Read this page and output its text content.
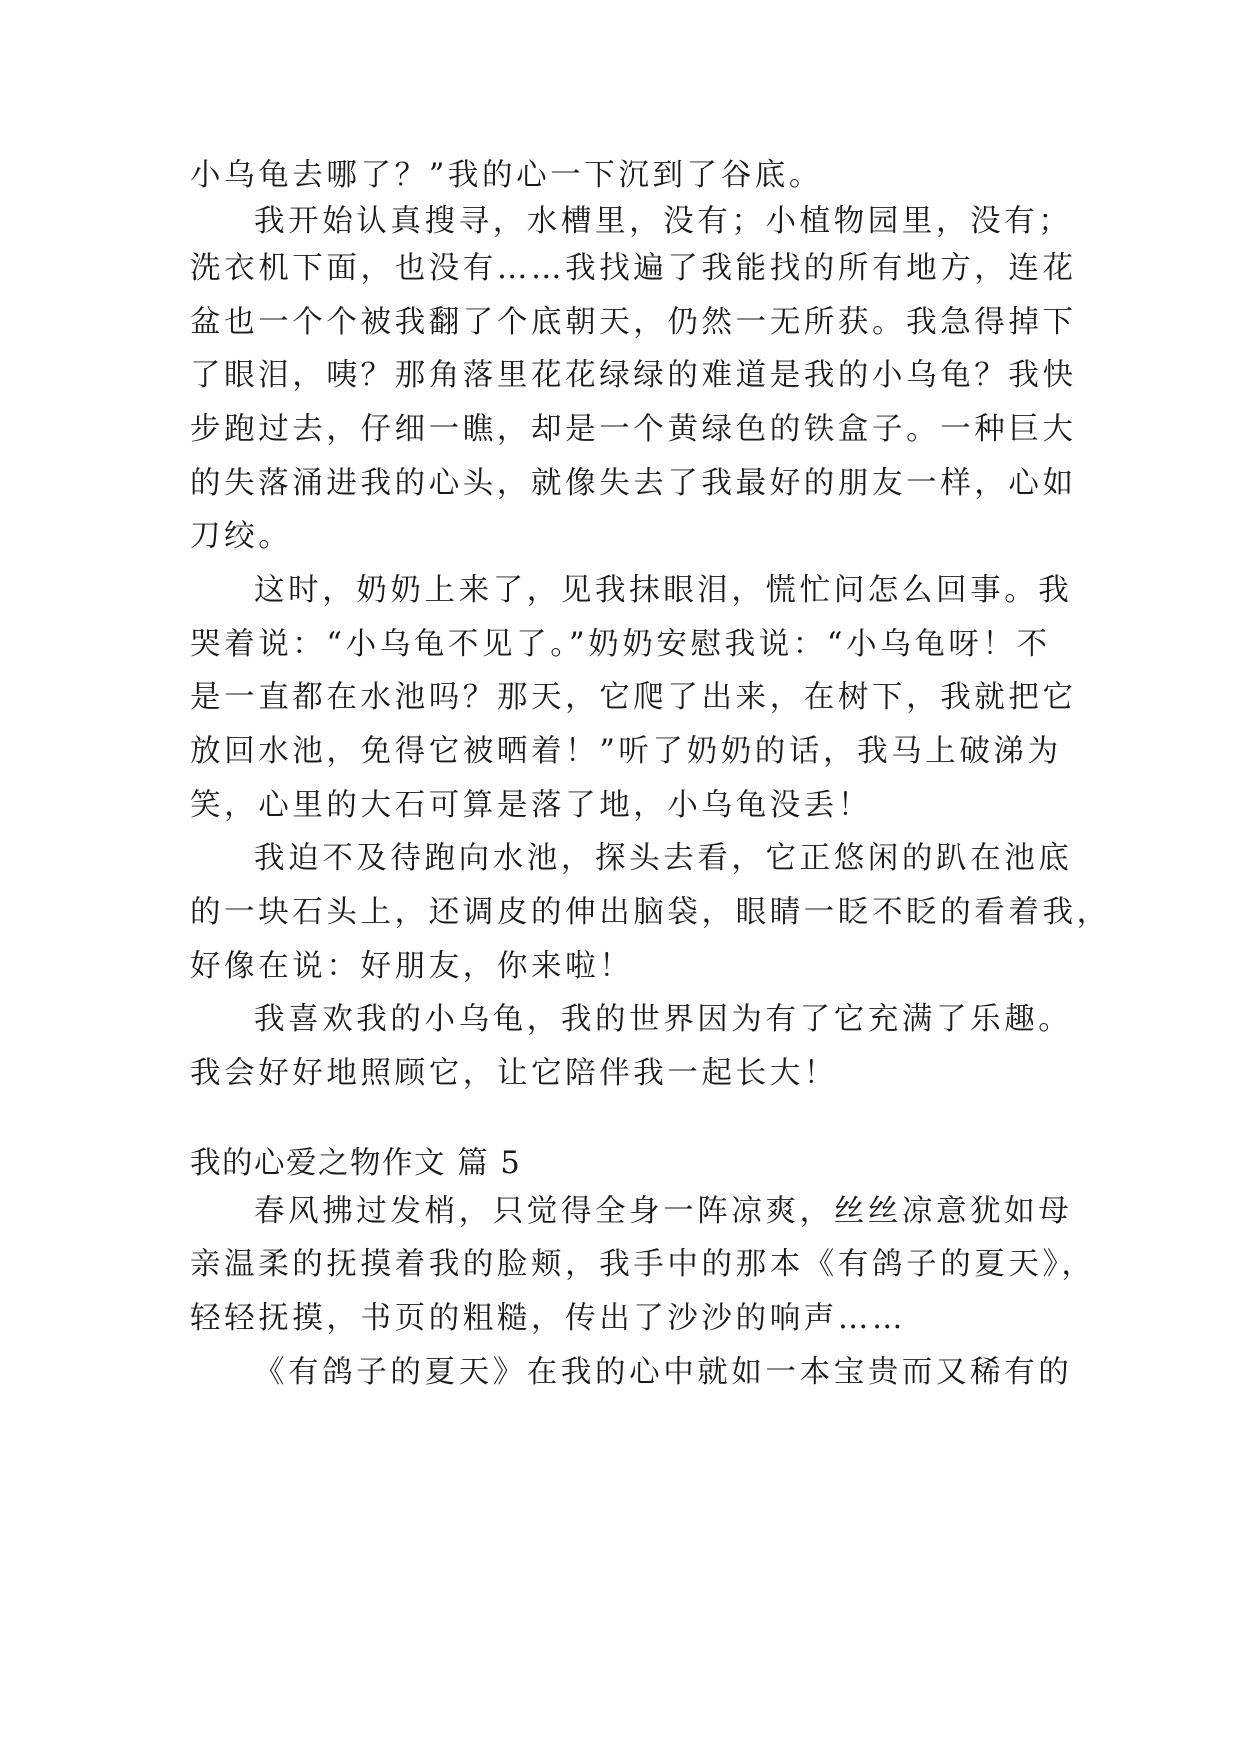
小乌龟去哪了？”我的心一下沉到了谷底。

我开始认真搜寻，水槽里，没有；小植物园里，没有；

洗衣机下面，也没有……我找遍了我能找的所有地方，连花

盆也一个个被我翻了个底朝天，仍然一无所获。我急得掉下

了眼泪，咦？那角落里花花绿绿的难道是我的小乌龟？我快

步跑过去，仔细一瞧，却是一个黄绿色的铁盒子。一种巨大

的失落涌进我的心头，就像失去了我最好的朋友一样，心如

刀绞。

这时，奶奶上来了，见我抹眼泪，慌忙问怎么回事。我

哭着说：“小乌龟不见了。”奶奶安慰我说：“小乌龟呀！不

是一直都在水池吗？那天，它爬了出来，在树下，我就把它

放回水池，免得它被晒着！”听了奶奶的话，我马上破涕为

笑，心里的大石可算是落了地，小乌龟没丢！

我迫不及待跑向水池，探头去看，它正悠闲的趴在池底

的一块石头上，还调皮的伸出脑袋，眼睛一眨不眨的看着我，

好像在说：好朋友，你来啦！

我喜欢我的小乌龟，我的世界因为有了它充满了乐趣。

我会好好地照顾它，让它陪伴我一起长大！

我的心爱之物作文 篇 5

春风拂过发梢，只觉得全身一阵凉爽，丝丝凉意犹如母

亲温柔的抚摸着我的脸颊，我手中的那本《有鸽子的夏天》，

轻轻抚摸，书页的粗糙，传出了沙沙的响声……

《有鸽子的夏天》在我的心中就如一本宝贵而又稀有的
